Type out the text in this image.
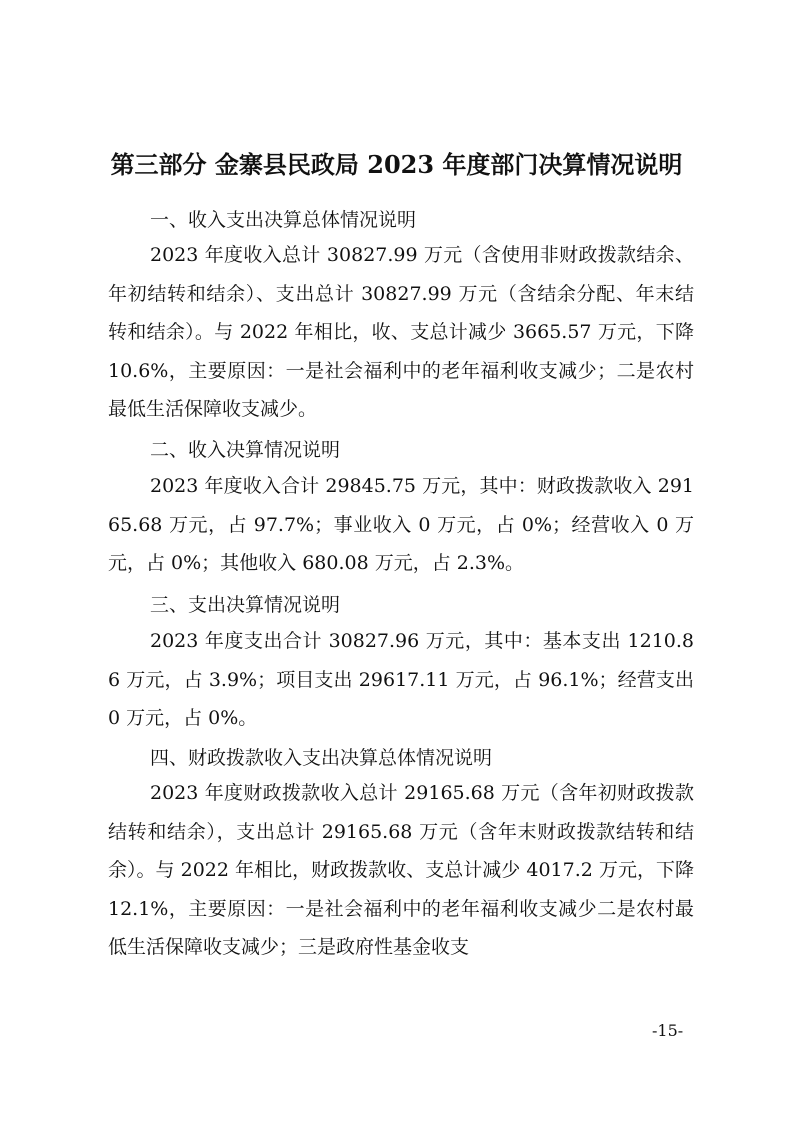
第三部分 金寨县民政局 2023 年度部门决算情况说明
一、收入支出决算总体情况说明
2023 年度收入总计 30827.99 万元（含使用非财政拨款结余、年初结转和结余）、支出总计 30827.99 万元（含结余分配、年末结转和结余）。与 2022 年相比，收、支总计减少 3665.57 万元，下降 10.6%，主要原因：一是社会福利中的老年福利收支减少；二是农村最低生活保障收支减少。
二、收入决算情况说明
2023 年度收入合计 29845.75 万元，其中：财政拨款收入 29165.68 万元，占 97.7%；事业收入 0 万元，占 0%；经营收入 0 万元，占 0%；其他收入 680.08 万元，占 2.3%。
三、支出决算情况说明
2023 年度支出合计 30827.96 万元，其中：基本支出 1210.86 万元，占 3.9%；项目支出 29617.11 万元，占 96.1%；经营支出 0 万元，占 0%。
四、财政拨款收入支出决算总体情况说明
2023 年度财政拨款收入总计 29165.68 万元（含年初财政拨款结转和结余），支出总计 29165.68 万元（含年末财政拨款结转和结余）。与 2022 年相比，财政拨款收、支总计减少 4017.2 万元，下降 12.1%，主要原因：一是社会福利中的老年福利收支减少二是农村最低生活保障收支减少；三是政府性基金收支
-15-
